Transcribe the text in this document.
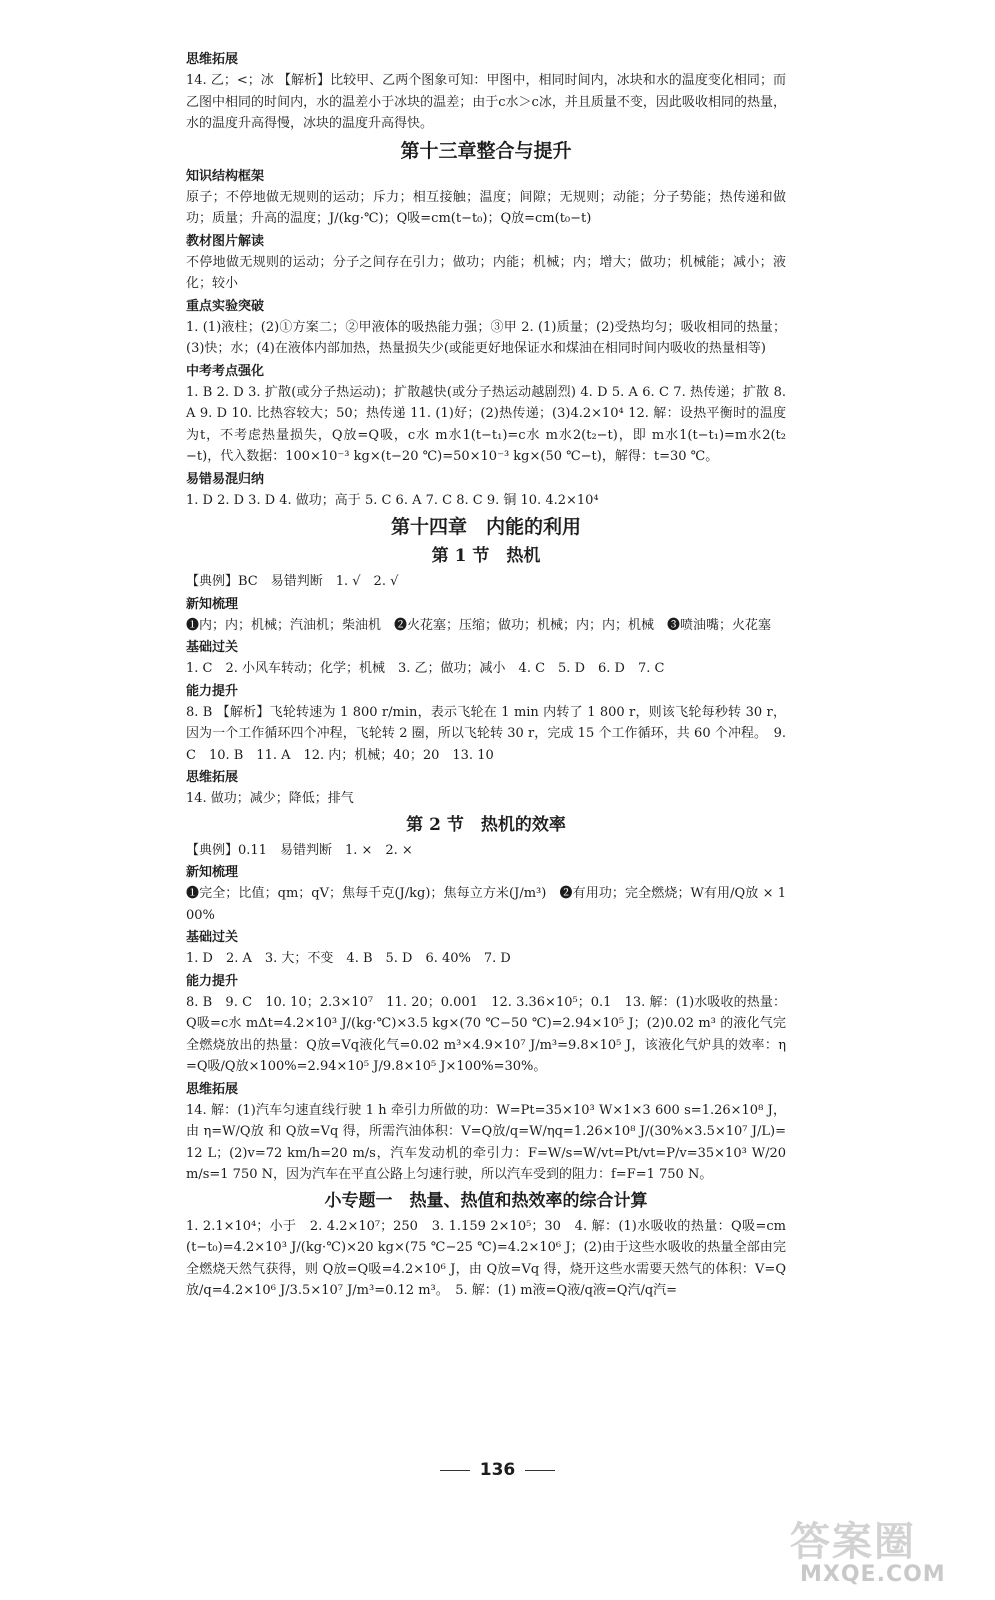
思维拓展
14. 乙；<；冰 【解析】比较甲、乙两个图象可知：甲图中，相同时间内，冰块和水的温度变化相同；而乙图中相同的时间内，水的温差小于冰块的温差；由于c水＞c冰，并且质量不变，因此吸收相同的热量，水的温度升高得慢，冰块的温度升高得快。
第十三章整合与提升
知识结构框架
原子；不停地做无规则的运动；斥力；相互接触；温度；间隙；无规则；动能；分子势能；热传递和做功；质量；升高的温度；J/(kg·℃)；Q吸=cm(t−t₀)；Q放=cm(t₀−t)
教材图片解读
不停地做无规则的运动；分子之间存在引力；做功；内能；机械；内；增大；做功；机械能；减小；液化；较小
重点实验突破
1. (1)液柱；(2)①方案二；②甲液体的吸热能力强；③甲 2. (1)质量；(2)受热均匀；吸收相同的热量；(3)快；水；(4)在液体内部加热，热量损失少(或能更好地保证水和煤油在相同时间内吸收的热量相等)
中考考点强化
1. B 2. D 3. 扩散(或分子热运动)；扩散越快(或分子热运动越剧烈) 4. D 5. A 6. C 7. 热传递；扩散 8. A 9. D 10. 比热容较大；50；热传递 11. (1)好；(2)热传递；(3)4.2×10⁴ 12. 解：设热平衡时的温度为t，不考虑热量损失，Q放=Q吸，c水 m水1(t−t₁)=c水 m水2(t₂−t)，即 m水1(t−t₁)=m水2(t₂−t)，代入数据：100×10⁻³ kg×(t−20 ℃)=50×10⁻³ kg×(50 ℃−t)，解得：t=30 ℃。
易错易混归纳
1. D 2. D 3. D 4. 做功；高于 5. C 6. A 7. C 8. C 9. 铜 10. 4.2×10⁴
第十四章　内能的利用
第 1 节　热机
【典例】BC　易错判断　1. √　2. √
新知梳理
❶内；内；机械；汽油机；柴油机　❷火花塞；压缩；做功；机械；内；内；机械　❸喷油嘴；火花塞
基础过关
1. C　2. 小风车转动；化学；机械　3. 乙；做功；减小　4. C　5. D　6. D　7. C
能力提升
8. B 【解析】飞轮转速为 1 800 r/min，表示飞轮在 1 min 内转了 1 800 r，则该飞轮每秒转 30 r，因为一个工作循环四个冲程，飞轮转 2 圈，所以飞轮转 30 r，完成 15 个工作循环，共 60 个冲程。　9. C　10. B　11. A　12. 内；机械；40；20　13. 10
思维拓展
14. 做功；减少；降低；排气
第 2 节　热机的效率
【典例】0.11　易错判断　1. ×　2. ×
新知梳理
❶完全；比值；qm；qV；焦每千克(J/kg)；焦每立方米(J/m³)　❷有用功；完全燃烧；W有用/Q放 × 100%
基础过关
1. D　2. A　3. 大；不变　4. B　5. D　6. 40%　7. D
能力提升
8. B　9. C　10. 10；2.3×10⁷　11. 20；0.001　12. 3.36×10⁵；0.1　13. 解：(1)水吸收的热量：Q吸=c水 mΔt=4.2×10³ J/(kg·℃)×3.5 kg×(70 ℃−50 ℃)=2.94×10⁵ J；(2)0.02 m³ 的液化气完全燃烧放出的热量：Q放=Vq液化气=0.02 m³×4.9×10⁷ J/m³=9.8×10⁵ J，该液化气炉具的效率：η=Q吸/Q放×100%=2.94×10⁵ J/9.8×10⁵ J×100%=30%。
思维拓展
14. 解：(1)汽车匀速直线行驶 1 h 牵引力所做的功：W=Pt=35×10³ W×1×3 600 s=1.26×10⁸ J，由 η=W/Q放 和 Q放=Vq 得，所需汽油体积：V=Q放/q=W/ηq=1.26×10⁸ J/(30%×3.5×10⁷ J/L)=12 L；(2)v=72 km/h=20 m/s，汽车发动机的牵引力：F=W/s=W/vt=Pt/vt=P/v=35×10³ W/20 m/s=1 750 N，因为汽车在平直公路上匀速行驶，所以汽车受到的阻力：f=F=1 750 N。
小专题一　热量、热值和热效率的综合计算
1. 2.1×10⁴；小于　2. 4.2×10⁷；250　3. 1.159 2×10⁵；30　4. 解：(1)水吸收的热量：Q吸=cm(t−t₀)=4.2×10³ J/(kg·℃)×20 kg×(75 ℃−25 ℃)=4.2×10⁶ J；(2)由于这些水吸收的热量全部由完全燃烧天然气获得，则 Q放=Q吸=4.2×10⁶ J，由 Q放=Vq 得，烧开这些水需要天然气的体积：V=Q放/q=4.2×10⁶ J/3.5×10⁷ J/m³=0.12 m³。　5. 解：(1) m液=Q液/q液=Q汽/q汽=
136
答案圈
MXQE.COM
